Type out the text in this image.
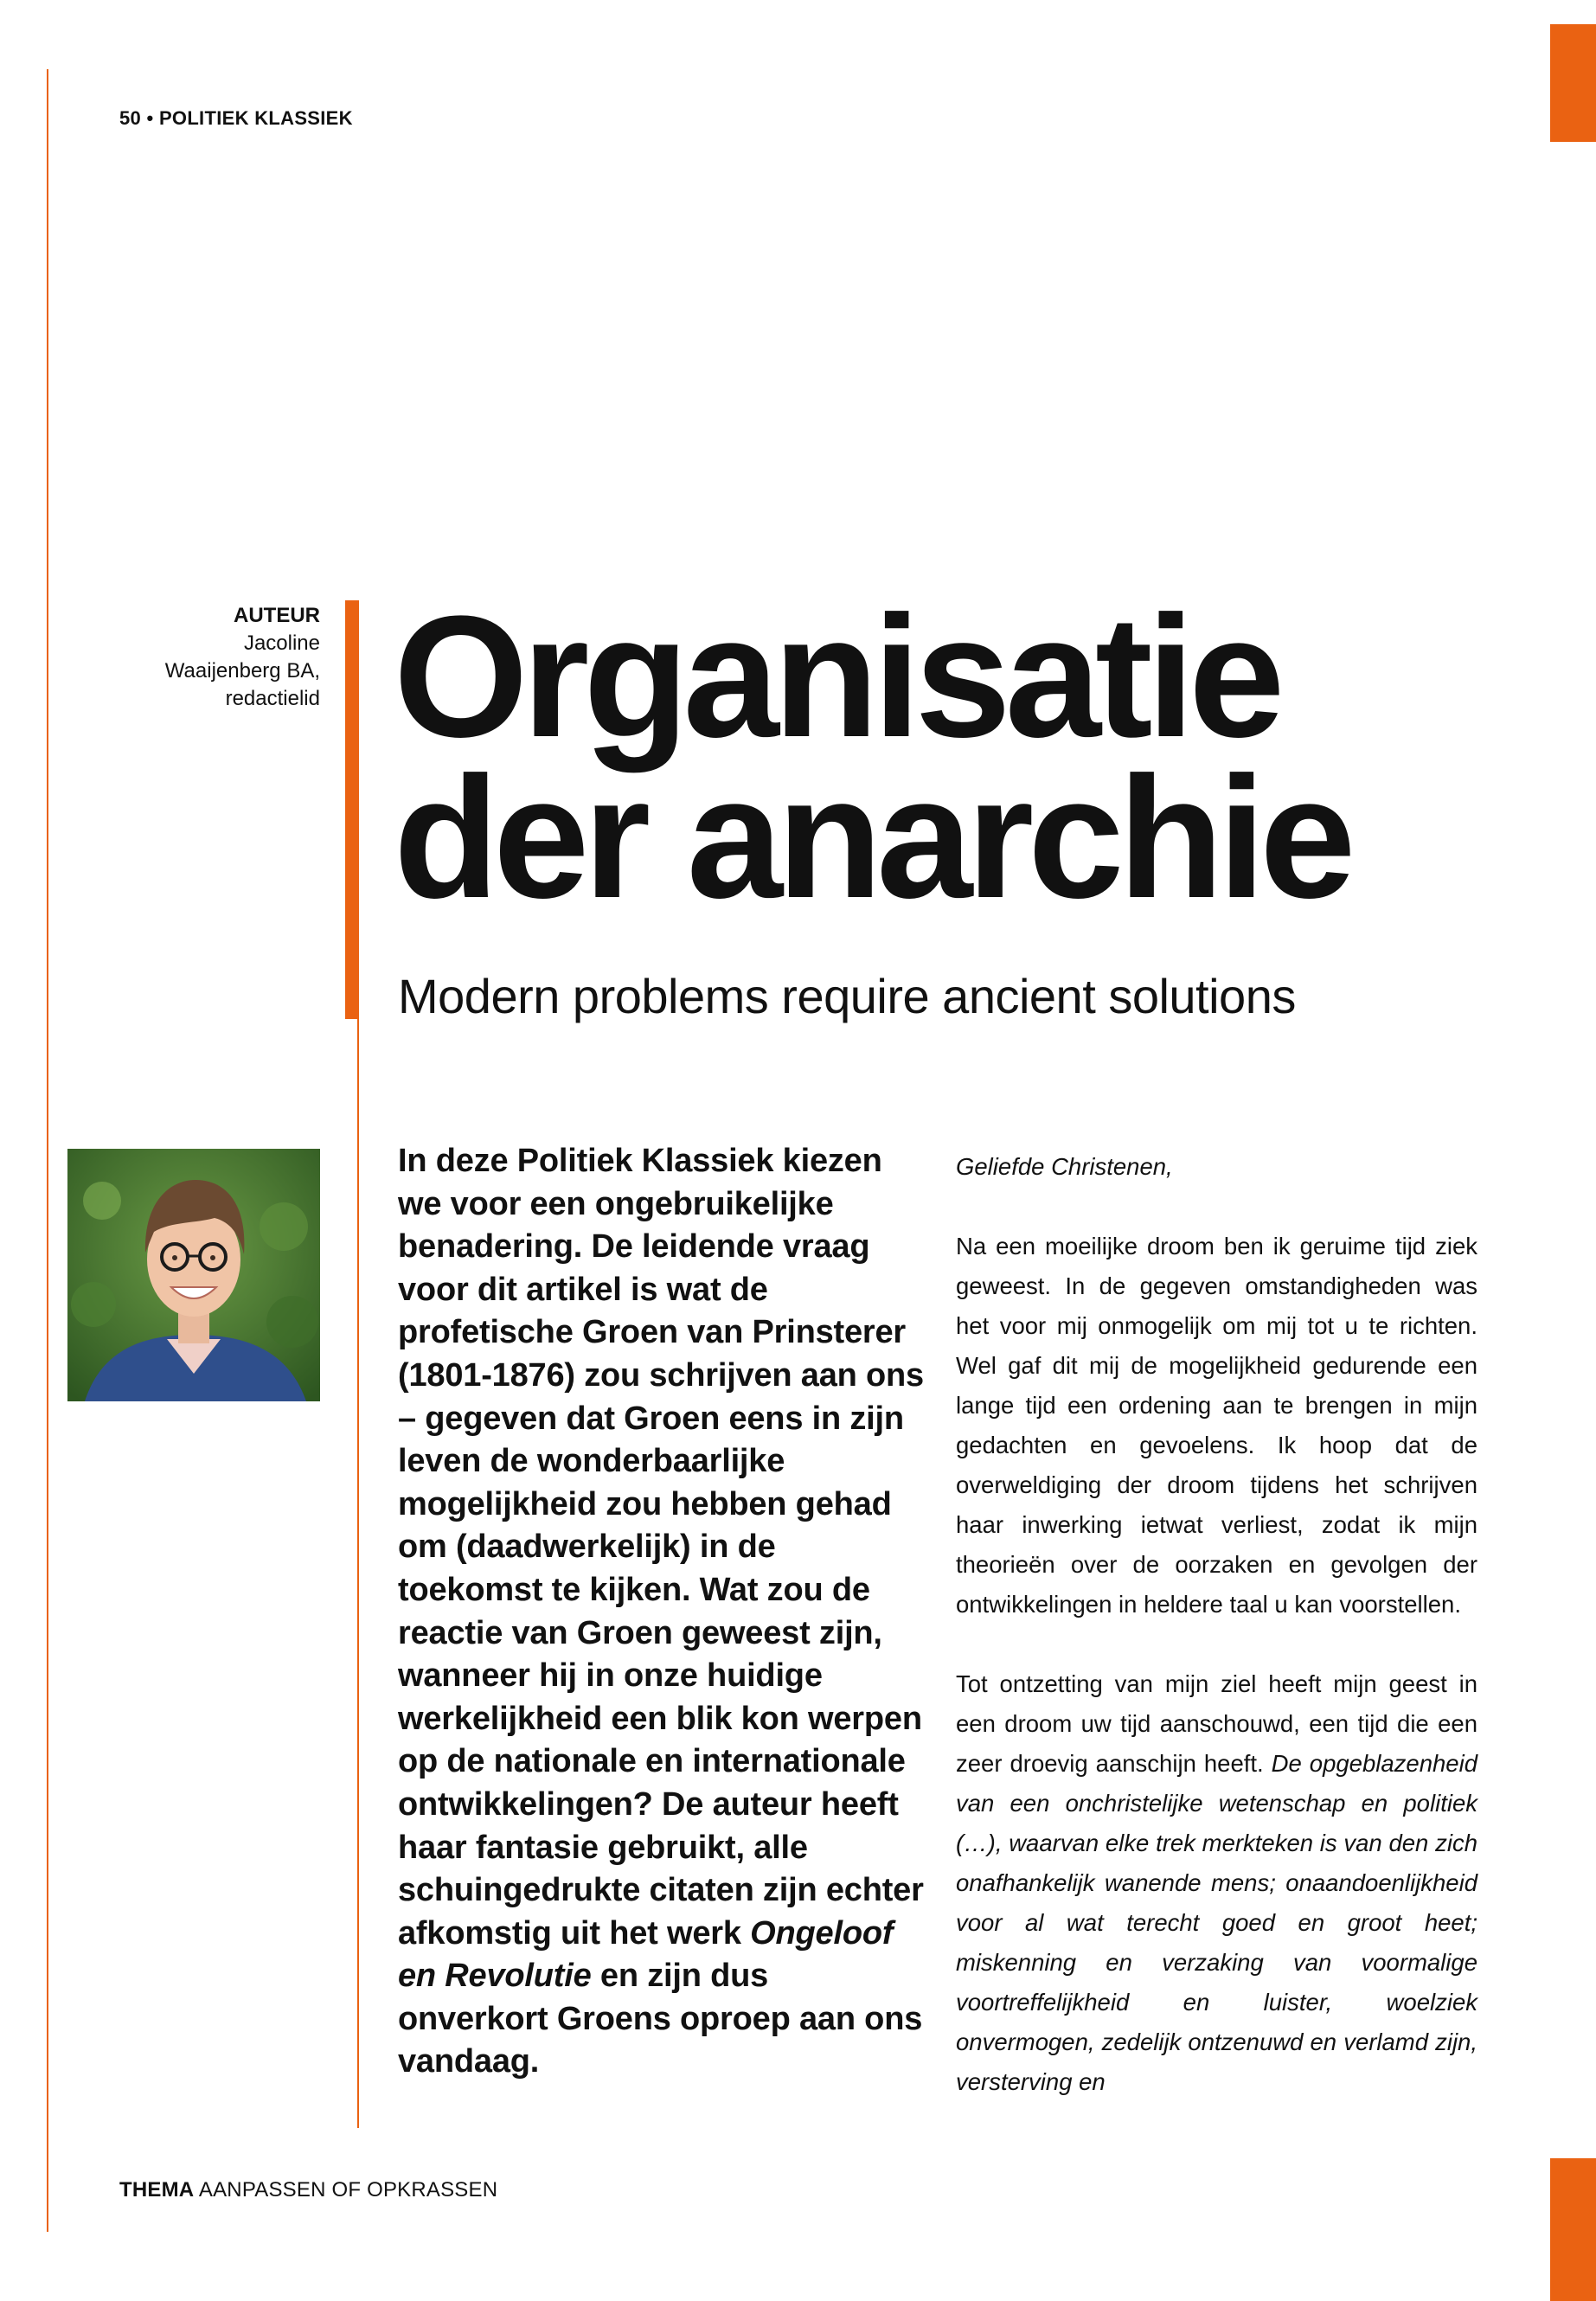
50 • POLITIEK KLASSIEK
AUTEUR
Jacoline
Waaijenberg BA,
redactielid Organisatie
der anarchie
Modern problems require ancient solutions
In deze Politiek Klassiek kiezen we voor een ongebruikelijke benadering. De leidende vraag voor dit artikel is wat de profetische Groen van Prinsterer (1801-1876) zou schrijven aan ons – gegeven dat Groen eens in zijn leven de wonderbaarlijke mogelijkheid zou hebben gehad om (daadwerkelijk) in de toekomst te kijken. Wat zou de reactie van Groen geweest zijn, wanneer hij in onze huidige werkelijkheid een blik kon werpen op de nationale en internationale ontwikkelingen? De auteur heeft haar fantasie gebruikt, alle schuingedrukte citaten zijn echter afkomstig uit het werk Ongeloof en Revolutie en zijn dus onverkort Groens oproep aan ons vandaag.

Geliefde Christenen,

Na een moeilijke droom ben ik geruime tijd ziek geweest. In de gegeven omstandigheden was het voor mij onmogelijk om mij tot u te richten. Wel gaf dit mij de mogelijkheid gedurende een lange tijd een ordening aan te brengen in mijn gedachten en gevoelens. Ik hoop dat de overweldiging der droom tijdens het schrijven haar inwerking ietwat verliest, zodat ik mijn theorieën over de oorzaken en gevolgen der ontwikkelingen in heldere taal u kan voorstellen.

Tot ontzetting van mijn ziel heeft mijn geest in een droom uw tijd aanschouwd, een tijd die een zeer droevig aanschijn heeft. De opgeblazenheid van een onchristelijke wetenschap en politiek (…), waarvan elke trek merkteken is van den zich onafhankelijk wanende mens; onaandoenlijkheid voor al wat terecht goed en groot heet; miskenning en verzaking van voormalige voortreffelijkheid en luister, woelziek onvermogen, zedelijk ontzenuwd en verlamd zijn, versterving en

THEMA AANPASSEN OF OPKRASSEN
